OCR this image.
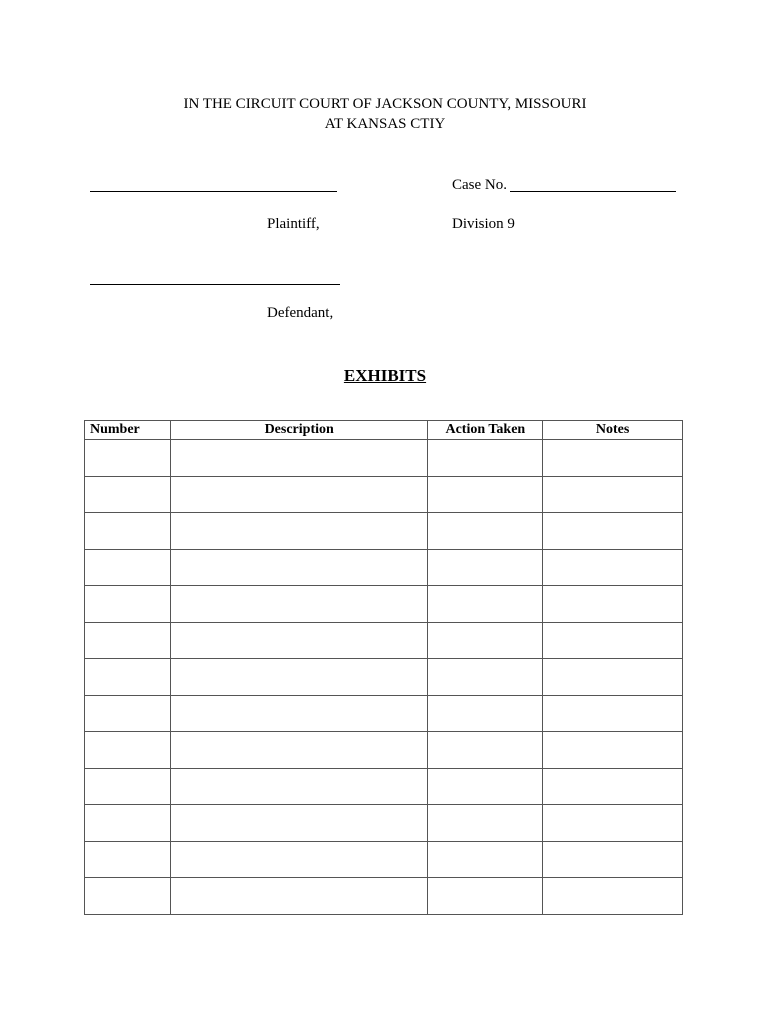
IN THE CIRCUIT COURT OF JACKSON COUNTY, MISSOURI
AT KANSAS CTIY
Case No.
Plaintiff,	Division 9
Defendant,
EXHIBITS
Number	Description	Action Taken	Notes
